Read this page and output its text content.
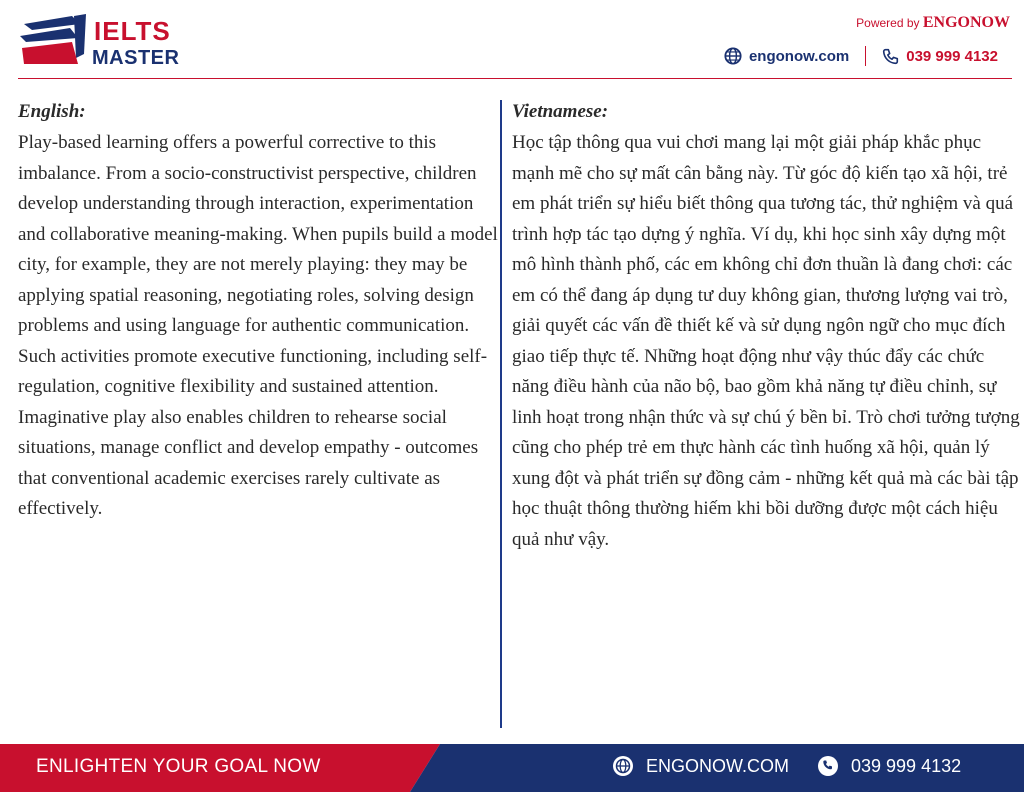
IELTS
MASTER
Powered by ENGONOW
engonow.com	039 999 4132
English:
Play-based learning offers a powerful corrective to this imbalance. From a socio-constructivist perspective, children develop understanding through interaction, experimentation and collaborative meaning-making. When pupils build a model city, for example, they are not merely playing: they may be applying spatial reasoning, negotiating roles, solving design problems and using language for authentic communication. Such activities promote executive functioning, including self-regulation, cognitive flexibility and sustained attention. Imaginative play also enables children to rehearse social situations, manage conflict and develop empathy - outcomes that conventional academic exercises rarely cultivate as effectively.
Vietnamese:
Học tập thông qua vui chơi mang lại một giải pháp khắc phục mạnh mẽ cho sự mất cân bằng này. Từ góc độ kiến tạo xã hội, trẻ em phát triển sự hiểu biết thông qua tương tác, thử nghiệm và quá trình hợp tác tạo dựng ý nghĩa. Ví dụ, khi học sinh xây dựng một mô hình thành phố, các em không chỉ đơn thuần là đang chơi: các em có thể đang áp dụng tư duy không gian, thương lượng vai trò, giải quyết các vấn đề thiết kế và sử dụng ngôn ngữ cho mục đích giao tiếp thực tế. Những hoạt động như vậy thúc đẩy các chức năng điều hành của não bộ, bao gồm khả năng tự điều chỉnh, sự linh hoạt trong nhận thức và sự chú ý bền bỉ. Trò chơi tưởng tượng cũng cho phép trẻ em thực hành các tình huống xã hội, quản lý xung đột và phát triển sự đồng cảm - những kết quả mà các bài tập học thuật thông thường hiếm khi bồi dưỡng được một cách hiệu quả như vậy.
ENLIGHTEN YOUR GOAL NOW	ENGONOW.COM	039 999 4132
